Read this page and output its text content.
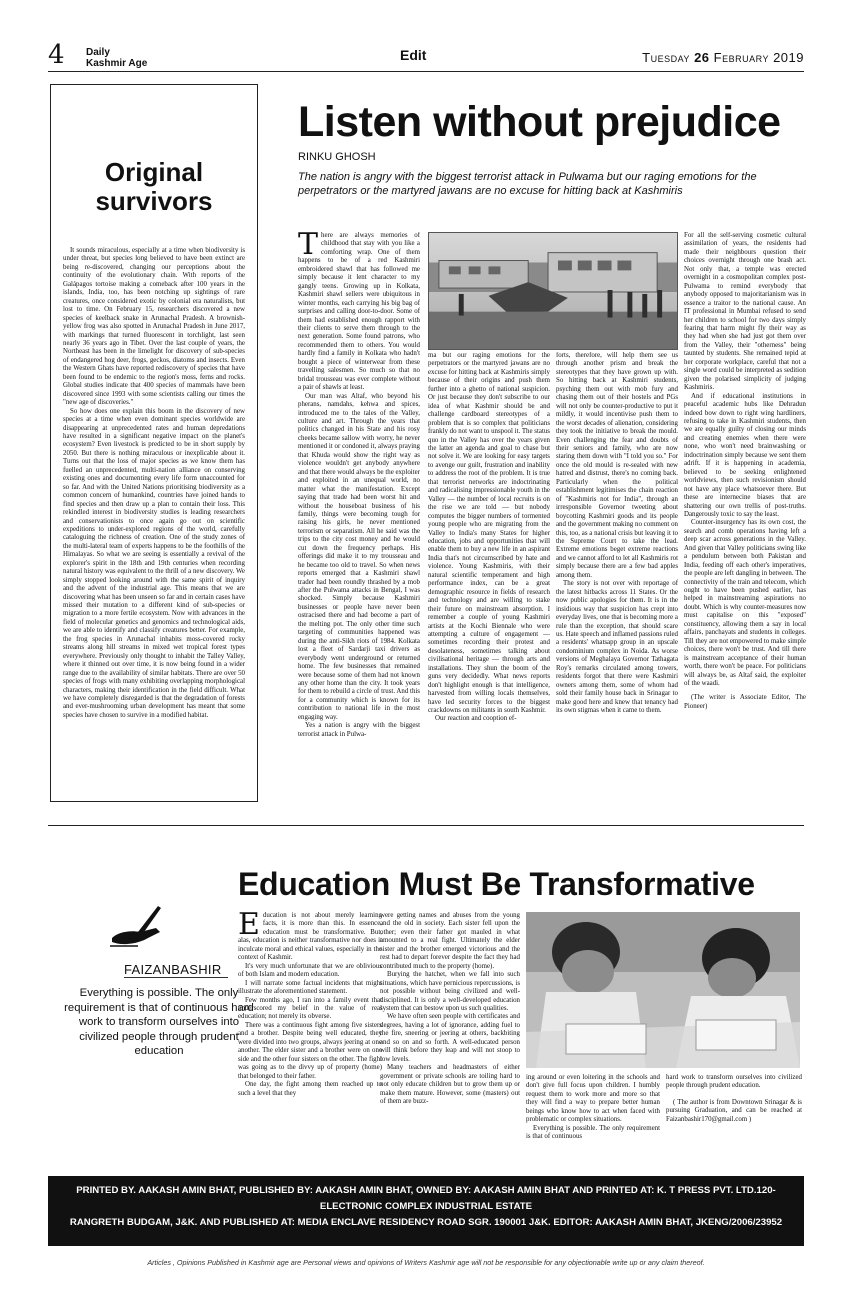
4 Daily
Kashmir Age
Edit	Tuesday 26 February 2019
Original
survivors

It sounds miraculous, especially at a time when biodiversity is under threat, but species long believed to have been extinct are being re-discovered, changing our perceptions about the continuity of the evolutionary chain. With reports of the Galápagos tortoise making a comeback after 100 years in the islands, India, too, has been notching up sightings of rare creatures, once considered exotic by colonial era naturalists, but lost to time. On February 15, researchers discovered a new species of keelback snake in Arunachal Pradesh. A brownish-yellow frog was also spotted in Arunachal Pradesh in June 2017, with markings that turned fluorescent in torchlight, last seen nearly 36 years ago in Tibet. Over the last couple of years, the Northeast has been in the limelight for discovery of sub-species of endangered hog deer, frogs, geckos, diatoms and insects. Even the Western Ghats have reported rediscovery of species that have been found to be endemic to the region's moss, ferns and rocks. Global studies indicate that 400 species of mammals have been discovered since 1993 with some scientists calling our times the "new age of discoveries."

So how does one explain this boom in the discovery of new species at a time when even dominant species worldwide are disappearing at unprecedented rates and human depredations have resulted in a significant negative impact on the planet's ecosystem? Even livestock is predicted to be in short supply by 2050. But there is nothing miraculous or inexplicable about it. Turns out that the loss of major species as we know them has fuelled an unprecedented, multi-nation alliance on conserving existing ones and documenting every life form unaccounted for so far. And with the United Nations prioritising biodiversity as a common concern of humankind, countries have joined hands to find species and then draw up a plan to contain their loss. This rekindled interest in biodiversity studies is leading researchers and conservationists to once again go out on scientific expeditions to under-explored regions of the world, carefully cataloguing the richness of creation. One of the study zones of the multi-lateral team of experts happens to be the foothills of the Himalayas. So what we are seeing is essentially a revival of the explorer's spirit in the 18th and 19th centuries when recording natural history was equivalent to the thrill of a new discovery. We simply stopped looking around with the same spirit of inquiry and the advent of the industrial age. This means that we are discovering what has been unseen so far and in certain cases have missed their mutation to a different kind of sub-species or migration to a more fertile ecosystem. Now with advances in the field of molecular genetics and genomics and technological aids, we are able to identify and classify creatures better. For example, the frog species in Arunachal inhabits moss-covered rocky streams along hill streams in mixed wet tropical forest types everywhere. Previously only thought to inhabit the Talley Valley, where it thinned out over time, it is now being found in a wider range due to the availability of similar habitats. There are over 50 species of frogs with many exhibiting overlapping morphological characters, making their identification in the field difficult. What we have completely disregarded is that the degradation of forests and ever-mushrooming urban development has meant that some species have chosen to survive in a modified habitat.

Listen without prejudice
RINKU GHOSH
The nation is angry with the biggest terrorist attack in Pulwama but our raging emotions for the perpetrators or the martyred jawans are no excuse for hitting back at Kashmiris
T here are always memories of childhood that stay with you like a comforting wrap. One of them happens to be of a red Kashmiri embroidered shawl that has followed me simply because it lent character to my gangly teens. Growing up in Kolkata, Kashmiri shawl sellers were ubiquitous in winter months, each carrying his big bag of surprises and calling door-to-door. Some of them had established enough rapport with their clients to serve them through to the next generation. Some found patrons, who recommended them to others. You would hardly find a family in Kolkata who hadn't bought a piece of winterwear from these travelling salesmen. So much so that no bridal trousseau was ever complete without a pair of shawls at least.

Our man was Altaf, who beyond his pherans, namdahs, kehwa and spices, introduced me to the tales of the Valley, culture and art. Through the years that politics changed in his State and his rosy cheeks became sallow with worry, he never mentioned it or condoned it, always praying that Khuda would show the right way as violence wouldn't get anybody anywhere and that there would always be the exploiter and exploited in an unequal world, no matter what the manifestation. Except saying that trade had been worst hit and without the houseboat business of his family, things were becoming tough for raising his girls, he never mentioned terrorism or separatism. All he said was the trips to the city cost money and he would cut down the frequency perhaps. His offerings did make it to my trousseau and he became too old to travel. So when news reports emerged that a Kashmiri shawl trader had been roundly thrashed by a mob after the Pulwama attacks in Bengal, I was shocked. Simply because Kashmiri businesses or people have never been ostracised there and had become a part of the melting pot. The only other time such targeting of communities happened was during the anti-Sikh riots of 1984. Kolkata lost a fleet of Sardarji taxi drivers as everybody went underground or returned home. The few businesses that remained were because some of them had not known any other home than the city. It took years for them to rebuild a circle of trust. And this for a community which is known for its contribution to national life in the most engaging way.

Yes a nation is angry with the biggest terrorist attack in Pulwa-

ma but our raging emotions for the perpetrators or the martyred jawans are no excuse for hitting back at Kashmiris simply because of their origins and push them further into a ghetto of national suspicion. Or just because they don't subscribe to our idea of what Kashmir should be and challenge cardboard stereotypes of a problem that is so complex that politicians frankly do not want to unspool it. The status quo in the Valley has over the years given the latter an agenda and goal to chase but not solve it. We are looking for easy targets to avenge our guilt, frustration and inability to address the root of the problem. It is true that terrorist networks are indoctrinating and radicalising impressionable youth in the Valley — the number of local recruits is on the rise we are told — but nobody computes the bigger numbers of tormented young people who are migrating from the Valley to India's many States for higher education, jobs and opportunities that will enable them to buy a new life in an aspirant India that's not circumscribed by hate and violence. Young Kashmiris, with their natural scientific temperament and high performance index, can be a great demographic resource in fields of research and technology and are willing to stake their future on mainstream absorption. I remember a couple of young Kashmiri artists at the Kochi Biennale who were attempting a culture of engagement — sometimes recording their protest and desolateness, sometimes talking about civilisational heritage — through arts and installations. They shun the boom of the guns very decidedly. What news reports don't highlight enough is that intelligence, harvested from willing locals themselves, have led security forces to the biggest crackdowns on militants in south Kashmir.

Our reaction and cooption ef-

forts, therefore, will help them see us through another prism and break the stereotypes that they have grown up with. So hitting back at Kashmiri students, psyching them out with mob fury and chasing them out of their hostels and PGs will not only be counter-productive to put it mildly, it would incentivise push them to the worst decades of alienation, considering they took the initiative to break the mould. Even challenging the fear and doubts of their seniors and family, who are now staring them down with "I told you so." For once the old mould is re-sealed with new hatred and distrust, there's no coming back. Particularly when the political establishment legitimises the chain reaction of "Kashmiris not for India", through an irresponsible Governor tweeting about boycotting Kashmiri goods and its people and the government making no comment on this, too, as a national crisis but leaving it to the Supreme Court to take the lead. Extreme emotions beget extreme reactions and we cannot afford to let all Kashmiris rot simply because there are a few bad apples among them.

The story is not over with reportage of the latest hitbacks across 11 States. Or the now public apologies for them. It is in the insidious way that suspicion has crept into everyday lives, one that is becoming more a rule than the exception, that should scare us. Hate speech and inflamed passions ruled a residents' whatsapp group in an upscale condominium complex in Noida. As worse versions of Meghalaya Governor Tathagata Roy's remarks circulated among towers, residents forgot that there were Kashmiri owners among them, some of whom had sold their family house back in Srinagar to make good here and knew that tenancy had its own stigmas when it came to them.

For all the self-serving cosmetic cultural assimilation of years, the residents had made their neighbours question their choices overnight through one brash act. Not only that, a temple was erected overnight in a cosmopolitan complex post-Pulwama to remind everybody that anybody opposed to majoritarianism was in essence a traitor to the national cause. An IT professional in Mumbai refused to send her children to school for two days simply fearing that harm might fly their way as they had when she had just got them over from the Valley, their "otherness" being taunted by students. She remained tepid at her corporate workplace, careful that not a single word could be interpreted as sedition given the polarised simplicity of judging Kashmiris.

And if educational institutions in peaceful academic hubs like Dehradun indeed bow down to right wing hardliners, refusing to take in Kashmiri students, then we are equally guilty of closing our minds and creating enemies when there were none, who won't need brainwashing or indoctrination simply because we sent them adrift. If it is happening in academia, believed to be seeking enlightened worldviews, then such revisionism should not have any place whatsoever there. But these are internecine biases that are shattering our own trellis of post-truths. Dangerously toxic to say the least.

Counter-insurgency has its own cost, the search and comb operations having left a deep scar across generations in the Valley. And given that Valley politicians swing like a pendulum between both Pakistan and India, feeding off each other's imperatives, the people are left dangling in between. The connectivity of the train and telecom, which ought to have been pushed earlier, has helped in mainstreaming aspirations no doubt. Which is why counter-measures now must capitalise on this "exposed" constituency, allowing them a say in local affairs, panchayats and students in colleges. Till they are not empowered to make simple choices, there won't be trust. And till there is mainstream acceptance of their human worth, there won't be peace. For politicians will always be, as Altaf said, the exploiter of the waadi.

(The writer is Associate Editor, The Pioneer)

Education Must Be Transformative
FAIZANBASHIR
Everything is possible. The only requirement is that of continuous hard work to transform ourselves into civilized people through prudent education
E ducation is not about merely learning facts, it is more than this. In essence, education must be transformative. But, alas, education is neither transformative nor does it inculcate moral and ethical values, especially in the context of Kashmir.

It's very much unfortunate that we are oblivious of both Islam and modern education.

I will narrate some factual incidents that might illustrate the aforementioned statement.

Few months ago, I ran into a family event that underscored my belief in the value of real education; not merely its obverse.

There was a continuous fight among five sisters and a brother. Despite being well educated, they were divided into two groups, always jeering at one another. The elder sister and a brother were on one side and the other four sisters on the other. The fight was going as to the divvy up of property (home) that belonged to their father.

One day, the fight among them reached up to such a level that they

were getting names and abuses from the young and the old in society. Each sister fell upon the other; even their father got mauled in what amounted to a real fight. Ultimately the elder sister and the brother emerged victorious and the rest had to depart forever despite the fact they had contributed much to the property (home).

Burying the hatchet, when we fall into such situations, which have pernicious repercussions, is not possible without being civilized and well-disciplined. It is only a well-developed education system that can bestow upon us such qualities.

We have often seen people with certificates and degrees, having a lot of ignorance, adding fuel to the fire, sneering or jeering at others, backbiting and so on and so forth. A well-educated person will think before they leap and will not stoop to low levels.

Many teachers and headmasters of either government or private schools are toiling hard to not only educate children but to grow them up or make them mature. However, some (masters) out of them are buzz-

ing around or even loitering in the schools and don't give full focus upon children. I humbly request them to work more and more so that they will find a way to prepare better human beings who know how to act when faced with problematic or complex situations.

Everything is possible. The only requirement is that of continuous

hard work to transform ourselves into civilized people through prudent education.

( The author is from Downtown Srinagar & is pursuing Graduation, and can be reached at Faizanbashir170@gmail.com )

PRINTED BY. AAKASH AMIN BHAT, PUBLISHED BY: AAKASH AMIN BHAT, OWNED BY: AAKASH AMIN BHAT AND PRINTED AT: K. T PRESS PVT. LTD.120- ELECTRONIC COMPLEX INDUSTRIAL ESTATE
RANGRETH BUDGAM, J&K. AND PUBLISHED AT: MEDIA ENCLAVE RESIDENCY ROAD SGR. 190001 J&K. EDITOR: AAKASH AMIN BHAT, JKENG/2006/23952
Articles , Opinions Published in Kashmir age are Personal views and opinions of Writers Kashmir age will not be responsible for any objectionable write up or any claim thereof.
